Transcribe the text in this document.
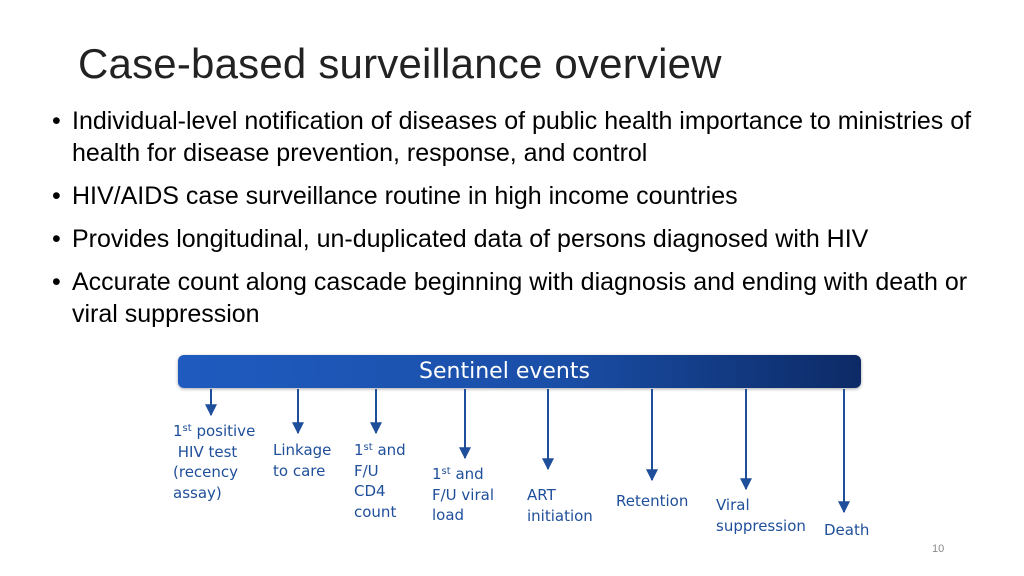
Case-based surveillance overview
• Individual-level notification of diseases of public health importance to ministries of health for disease prevention, response, and control
• HIV/AIDS case surveillance routine in high income countries
• Provides longitudinal, un-duplicated data of persons diagnosed with HIV
• Accurate count along cascade beginning with diagnosis and ending with death or viral suppression
Sentinel events
1st positive
HIV test
(recency
assay)
Linkage
to care
1st and
F/U
CD4
count
1st and
F/U viral
load
ART
initiation
Retention Viral
suppression Death
10
